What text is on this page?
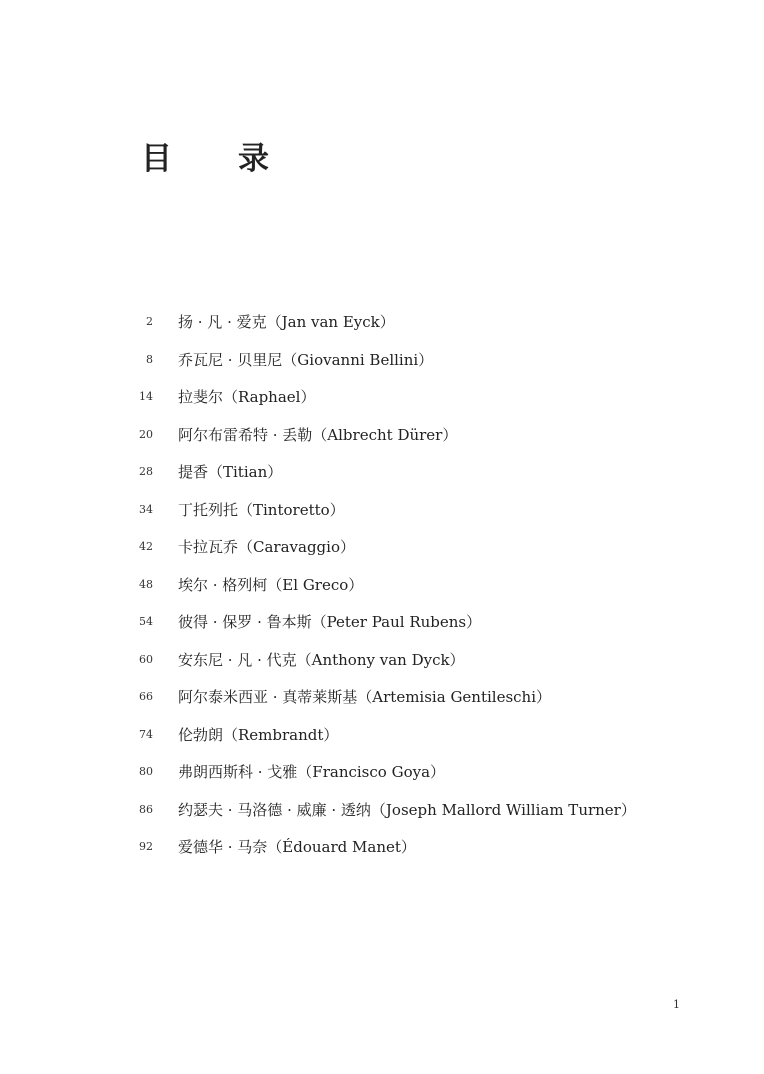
目 录
2 扬 · 凡 · 爱克（Jan van Eyck）
8 乔瓦尼 · 贝里尼（Giovanni Bellini）
14 拉斐尔（Raphael）
20 阿尔布雷希特 · 丢勒（Albrecht Dürer）
28 提香（Titian）
34 丁托列托（Tintoretto）
42 卡拉瓦乔（Caravaggio）
48 埃尔 · 格列柯（El Greco）
54 彼得 · 保罗 · 鲁本斯（Peter Paul Rubens）
60 安东尼 · 凡 · 代克（Anthony van Dyck）
66 阿尔泰米西亚 · 真蒂莱斯基（Artemisia Gentileschi）
74 伦勃朗（Rembrandt）
80 弗朗西斯科 · 戈雅（Francisco Goya）
86 约瑟夫 · 马洛德 · 威廉 · 透纳（Joseph Mallord William Turner）
92 爱德华 · 马奈（Édouard Manet）
1
